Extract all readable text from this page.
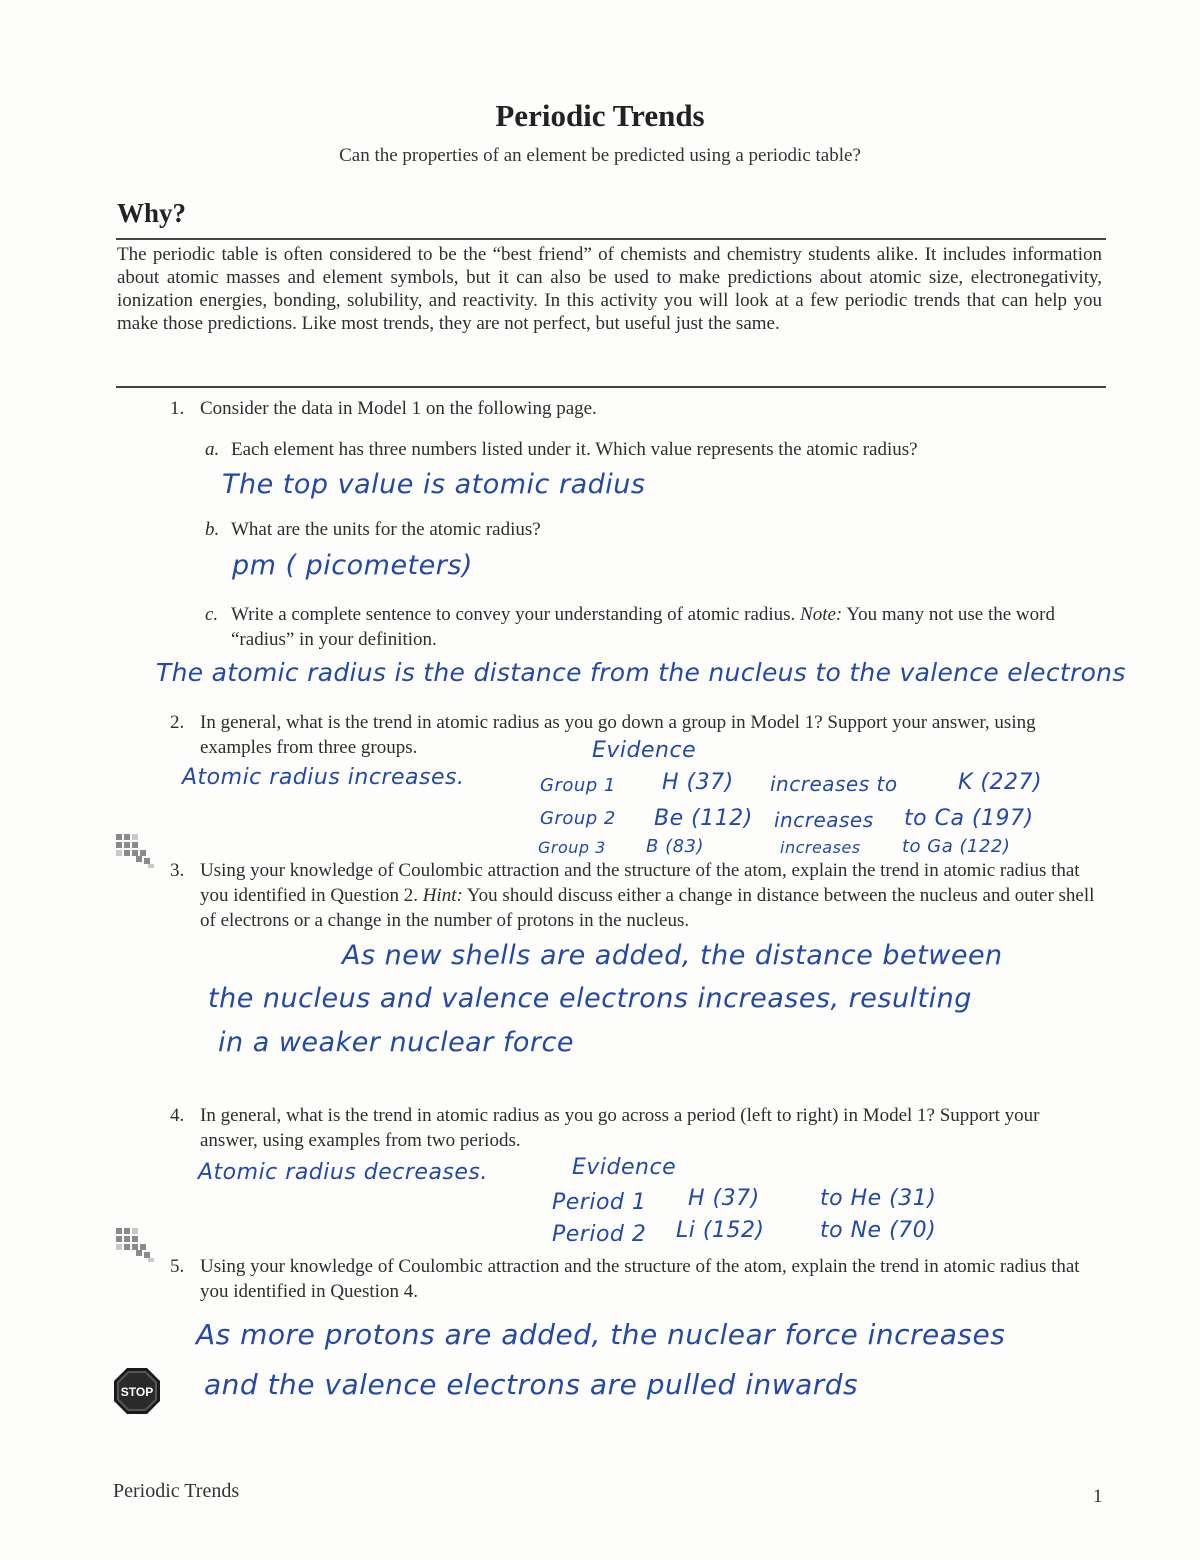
Periodic Trends
Can the properties of an element be predicted using a periodic table?
Why?
The periodic table is often considered to be the “best friend” of chemists and chemistry students alike. It includes information about atomic masses and element symbols, but it can also be used to make predictions about atomic size, electronegativity, ionization energies, bonding, solubility, and reactivity. In this activity you will look at a few periodic trends that can help you make those predictions. Like most trends, they are not perfect, but useful just the same.
1. Consider the data in Model 1 on the following page.
a. Each element has three numbers listed under it. Which value represents the atomic radius?
The top value is atomic radius
b. What are the units for the atomic radius?
pm ( picometers)
c. Write a complete sentence to convey your understanding of atomic radius. Note: You many not use the word “radius” in your definition.
The atomic radius is the distance from the nucleus to the valence electrons
2. In general, what is the trend in atomic radius as you go down a group in Model 1? Support your answer, using examples from three groups.	Evidence
Atomic radius increases.	Group 1 H (37) increases to	K (227)
Group 2 Be (112) increases to Ca (197)
Group 3 B (83)	increases to Ga (122)
3. Using your knowledge of Coulombic attraction and the structure of the atom, explain the trend in atomic radius that you identified in Question 2. Hint: You should discuss either a change in distance between the nucleus and outer shell of electrons or a change in the number of protons in the nucleus.
As new shells are added, the distance between
the nucleus and valence electrons increases, resulting
in a weaker nuclear force
4. In general, what is the trend in atomic radius as you go across a period (left to right) in Model 1? Support your answer, using examples from two periods.
Atomic radius decreases.	Evidence
Period 1 H (37)	to He (31)
Period 2 Li (152)	to Ne (70)
5. Using your knowledge of Coulombic attraction and the structure of the atom, explain the trend in atomic radius that you identified in Question 4.
As more protons are added, the nuclear force increases
and the valence electrons are pulled inwards
STOP
Periodic Trends	1
